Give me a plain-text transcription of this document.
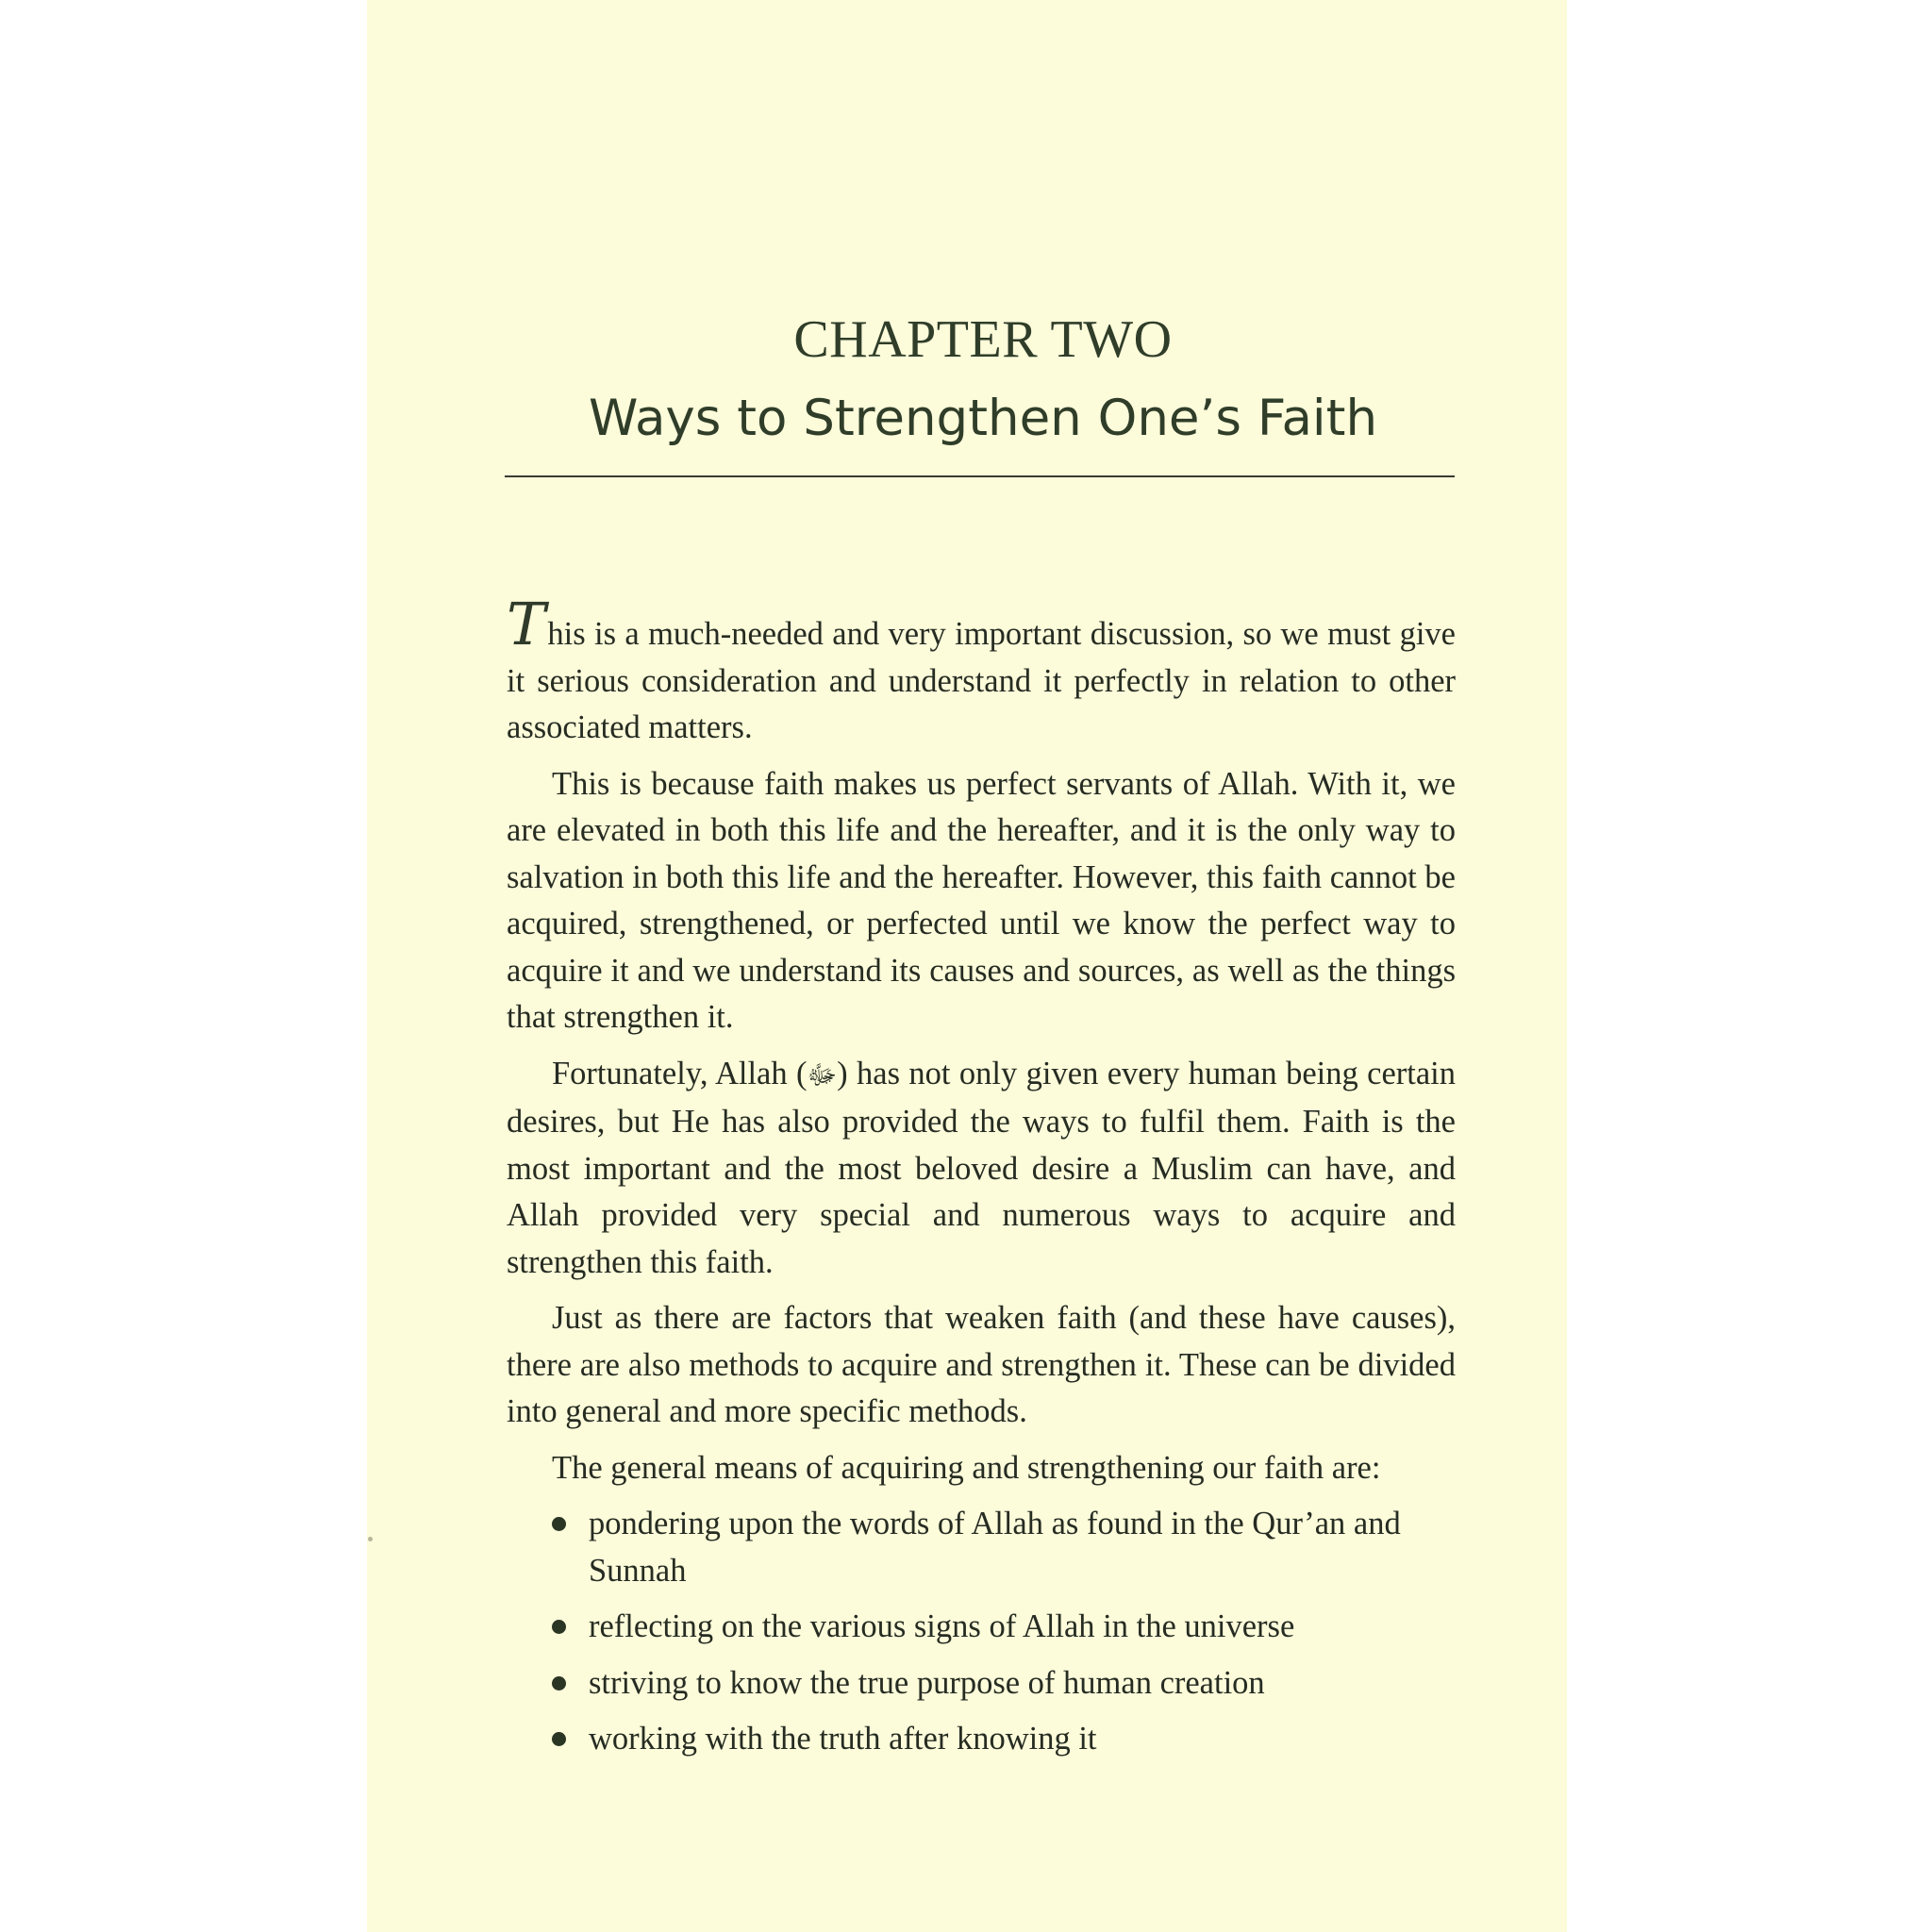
CHAPTER TWO
Ways to Strengthen One’s Faith

This is a much-needed and very important discussion, so we must give it serious consideration and understand it perfectly in relation to other associated matters.

This is because faith makes us perfect servants of Allah. With it, we are elevated in both this life and the hereafter, and it is the only way to salvation in both this life and the hereafter. However, this faith cannot be acquired, strengthened, or perfected until we know the perfect way to acquire it and we understand its causes and sources, as well as the things that strengthen it.

Fortunately, Allah (ﷻ) has not only given every human being certain desires, but He has also provided the ways to fulfil them. Faith is the most important and the most beloved desire a Muslim can have, and Allah provided very special and numerous ways to acquire and strengthen this faith.

Just as there are factors that weaken faith (and these have causes), there are also methods to acquire and strengthen it. These can be divided into general and more specific methods.

The general means of acquiring and strengthening our faith are:

pondering upon the words of Allah as found in the Qur’an and Sunnah
reflecting on the various signs of Allah in the universe
striving to know the true purpose of human creation
working with the truth after knowing it
